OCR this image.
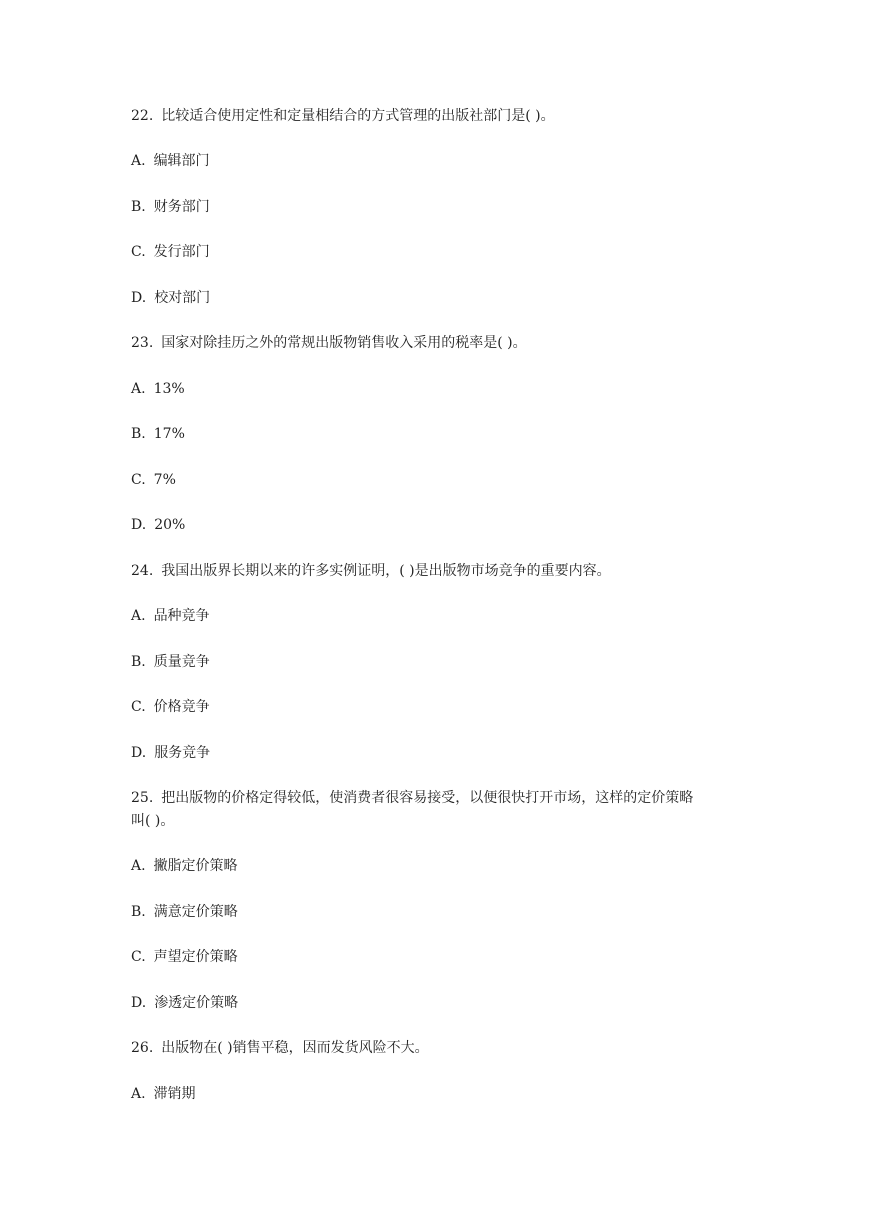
22. 比较适合使用定性和定量相结合的方式管理的出版社部门是( )。
A. 编辑部门
B. 财务部门
C. 发行部门
D. 校对部门
23. 国家对除挂历之外的常规出版物销售收入采用的税率是( )。
A. 13%
B. 17%
C. 7%
D. 20%
24. 我国出版界长期以来的许多实例证明，( )是出版物市场竞争的重要内容。
A. 品种竞争
B. 质量竞争
C. 价格竞争
D. 服务竞争
25. 把出版物的价格定得较低，使消费者很容易接受，以便很快打开市场，这样的定价策略
叫( )。
A. 撇脂定价策略
B. 满意定价策略
C. 声望定价策略
D. 渗透定价策略
26. 出版物在( )销售平稳，因而发货风险不大。
A. 滞销期
